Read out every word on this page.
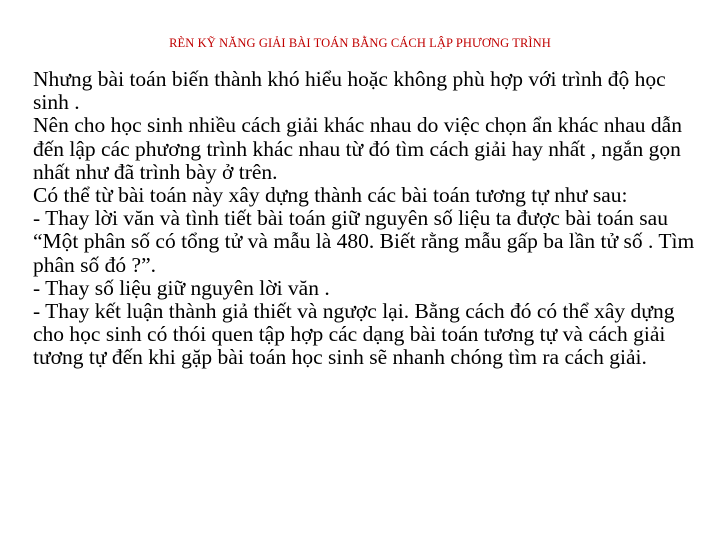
RÈN KỸ NĂNG GIẢI BÀI TOÁN BẰNG CÁCH LẬP PHƯƠNG TRÌNH

Nhưng bài toán biến thành khó hiểu hoặc không phù hợp với trình độ học sinh .

Nên cho học sinh nhiều cách giải khác nhau do việc chọn ẩn khác nhau dẫn đến lập các phương trình khác nhau từ đó tìm cách giải hay nhất , ngắn gọn nhất như đã trình bày ở trên.

Có thể từ bài toán này xây dựng thành các bài toán tương tự như sau:

- Thay lời văn và tình tiết bài toán giữ nguyên số liệu ta được bài toán sau “Một phân số có tổng tử và mẫu là 480. Biết rằng mẫu gấp ba lần tử số . Tìm phân số đó ?”.

- Thay số liệu giữ nguyên lời văn .

- Thay kết luận thành giả thiết và ngược lại. Bằng cách đó có thể xây dựng cho học sinh có thói quen tập hợp các dạng bài toán tương tự và cách giải tương tự đến khi gặp bài toán học sinh sẽ nhanh chóng tìm ra cách giải.
